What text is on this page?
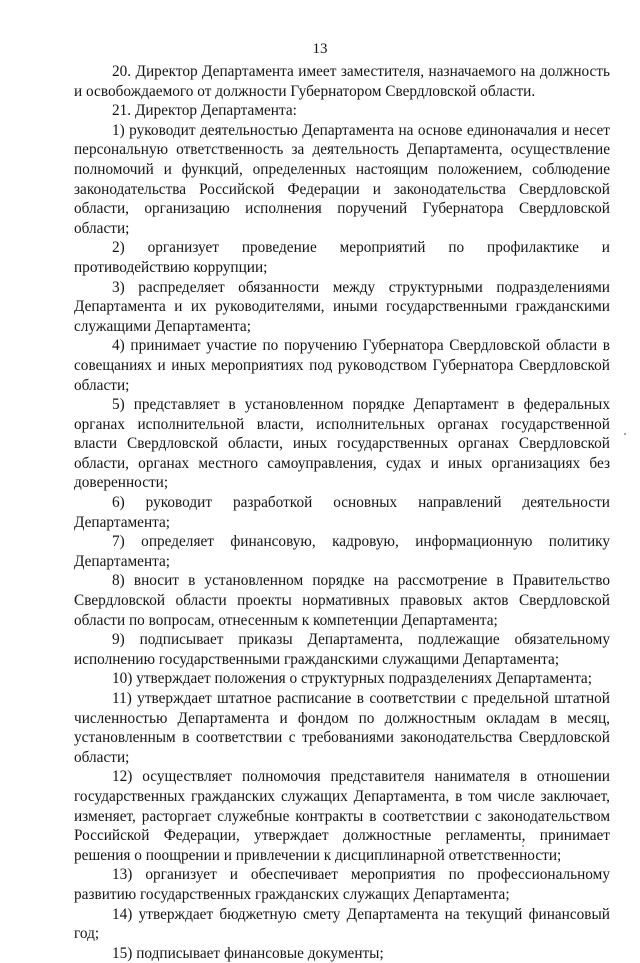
13

20. Директор Департамента имеет заместителя, назначаемого на должность и освобождаемого от должности Губернатором Свердловской области.

21. Директор Департамента:

1) руководит деятельностью Департамента на основе единоначалия и несет персональную ответственность за деятельность Департамента, осуществление полномочий и функций, определенных настоящим положением, соблюдение законодательства Российской Федерации и законодательства Свердловской области, организацию исполнения поручений Губернатора Свердловской области;

2) организует проведение мероприятий по профилактике и противодействию коррупции;

3) распределяет обязанности между структурными подразделениями Департамента и их руководителями, иными государственными гражданскими служащими Департамента;

4) принимает участие по поручению Губернатора Свердловской области в совещаниях и иных мероприятиях под руководством Губернатора Свердловской области;

5) представляет в установленном порядке Департамент в федеральных органах исполнительной власти, исполнительных органах государственной власти Свердловской области, иных государственных органах Свердловской области, органах местного самоуправления, судах и иных организациях без доверенности;

6) руководит разработкой основных направлений деятельности Департамента;

7) определяет финансовую, кадровую, информационную политику Департамента;

8) вносит в установленном порядке на рассмотрение в Правительство Свердловской области проекты нормативных правовых актов Свердловской области по вопросам, отнесенным к компетенции Департамента;

9) подписывает приказы Департамента, подлежащие обязательному исполнению государственными гражданскими служащими Департамента;

10) утверждает положения о структурных подразделениях Департамента;

11) утверждает штатное расписание в соответствии с предельной штатной численностью Департамента и фондом по должностным окладам в месяц, установленным в соответствии с требованиями законодательства Свердловской области;

12) осуществляет полномочия представителя нанимателя в отношении государственных гражданских служащих Департамента, в том числе заключает, изменяет, расторгает служебные контракты в соответствии с законодательством Российской Федерации, утверждает должностные регламенты, принимает решения о поощрении и привлечении к дисциплинарной ответственности;

13) организует и обеспечивает мероприятия по профессиональному развитию государственных гражданских служащих Департамента;

14) утверждает бюджетную смету Департамента на текущий финансовый год;

15) подписывает финансовые документы;
